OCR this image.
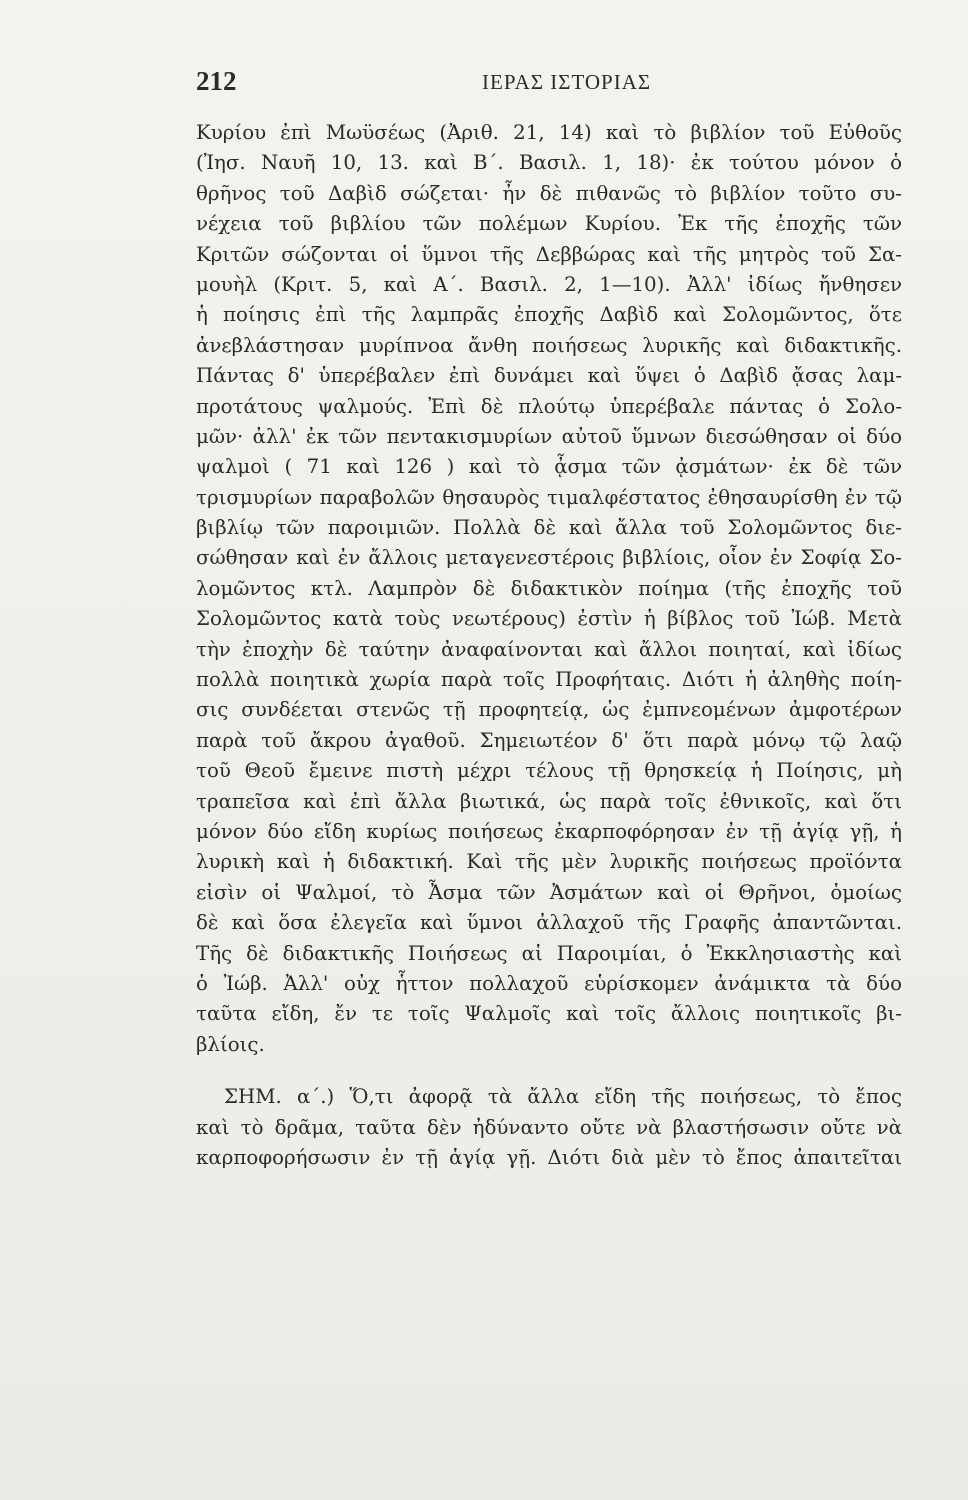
212	ΙΕΡΑΣ ΙΣΤΟΡΙΑΣ
Κυρίου ἐπὶ Μωϋσέως (Ἀριθ. 21, 14) καὶ τὸ βιβλίον τοῦ Εὐθοῦς
(Ἰησ. Ναυῆ 10, 13. καὶ Β΄. Βασιλ. 1, 18)· ἐκ τούτου μόνον ὁ
θρῆνος τοῦ Δαβὶδ σώζεται· ἦν δὲ πιθανῶς τὸ βιβλίον τοῦτο συ-
νέχεια τοῦ βιβλίου τῶν πολέμων Κυρίου. Ἐκ τῆς ἐποχῆς τῶν
Κριτῶν σώζονται οἱ ὕμνοι τῆς Δεββώρας καὶ τῆς μητρὸς τοῦ Σα-
μουὴλ (Κριτ. 5, καὶ Α΄. Βασιλ. 2, 1—10). Ἀλλ' ἰδίως ἤνθησεν
ἡ ποίησις ἐπὶ τῆς λαμπρᾶς ἐποχῆς Δαβὶδ καὶ Σολομῶντος, ὅτε
ἀνεβλάστησαν μυρίπνοα ἄνθη ποιήσεως λυρικῆς καὶ διδακτικῆς.
Πάντας δ' ὑπερέβαλεν ἐπὶ δυνάμει καὶ ὕψει ὁ Δαβὶδ ᾄσας λαμ-
προτάτους ψαλμούς. Ἐπὶ δὲ πλούτῳ ὑπερέβαλε πάντας ὁ Σολο-
μῶν· ἀλλ' ἐκ τῶν πεντακισμυρίων αὐτοῦ ὕμνων διεσώθησαν οἱ δύο
ψαλμοὶ ( 71 καὶ 126 ) καὶ τὸ ᾆσμα τῶν ᾀσμάτων· ἐκ δὲ τῶν
τρισμυρίων παραβολῶν θησαυρὸς τιμαλφέστατος ἐθησαυρίσθη ἐν τῷ
βιβλίῳ τῶν παροιμιῶν. Πολλὰ δὲ καὶ ἄλλα τοῦ Σολομῶντος διε-
σώθησαν καὶ ἐν ἄλλοις μεταγενεστέροις βιβλίοις, οἷον ἐν Σοφίᾳ Σο-
λομῶντος κτλ. Λαμπρὸν δὲ διδακτικὸν ποίημα (τῆς ἐποχῆς τοῦ
Σολομῶντος κατὰ τοὺς νεωτέρους) ἐστὶν ἡ βίβλος τοῦ Ἰώβ. Μετὰ
τὴν ἐποχὴν δὲ ταύτην ἀναφαίνονται καὶ ἄλλοι ποιηταί, καὶ ἰδίως
πολλὰ ποιητικὰ χωρία παρὰ τοῖς Προφήταις. Διότι ἡ ἀληθὴς ποίη-
σις συνδέεται στενῶς τῇ προφητείᾳ, ὡς ἐμπνεομένων ἀμφοτέρων
παρὰ τοῦ ἄκρου ἀγαθοῦ. Σημειωτέον δ' ὅτι παρὰ μόνῳ τῷ λαῷ
τοῦ Θεοῦ ἔμεινε πιστὴ μέχρι τέλους τῇ θρησκείᾳ ἡ Ποίησις, μὴ
τραπεῖσα καὶ ἐπὶ ἄλλα βιωτικά, ὡς παρὰ τοῖς ἐθνικοῖς, καὶ ὅτι
μόνον δύο εἴδη κυρίως ποιήσεως ἐκαρποφόρησαν ἐν τῇ ἁγίᾳ γῇ, ἡ
λυρικὴ καὶ ἡ διδακτική. Καὶ τῆς μὲν λυρικῆς ποιήσεως προϊόντα
εἰσὶν οἱ Ψαλμοί, τὸ Ἆσμα τῶν Ἀσμάτων καὶ οἱ Θρῆνοι, ὁμοίως
δὲ καὶ ὅσα ἐλεγεῖα καὶ ὕμνοι ἀλλαχοῦ τῆς Γραφῆς ἀπαντῶνται.
Τῆς δὲ διδακτικῆς Ποιήσεως αἱ Παροιμίαι, ὁ Ἐκκλησιαστὴς καὶ
ὁ Ἰώβ. Ἀλλ' οὐχ ἧττον πολλαχοῦ εὑρίσκομεν ἀνάμικτα τὰ δύο
ταῦτα εἴδη, ἔν τε τοῖς Ψαλμοῖς καὶ τοῖς ἄλλοις ποιητικοῖς βι-
βλίοις.
ΣΗΜ. α΄.) Ὅ,τι ἀφορᾷ τὰ ἄλλα εἴδη τῆς ποιήσεως, τὸ ἔπος
καὶ τὸ δρᾶμα, ταῦτα δὲν ἠδύναντο οὔτε νὰ βλαστήσωσιν οὔτε νὰ
καρποφορήσωσιν ἐν τῇ ἁγίᾳ γῇ. Διότι διὰ μὲν τὸ ἔπος ἀπαιτεῖται
